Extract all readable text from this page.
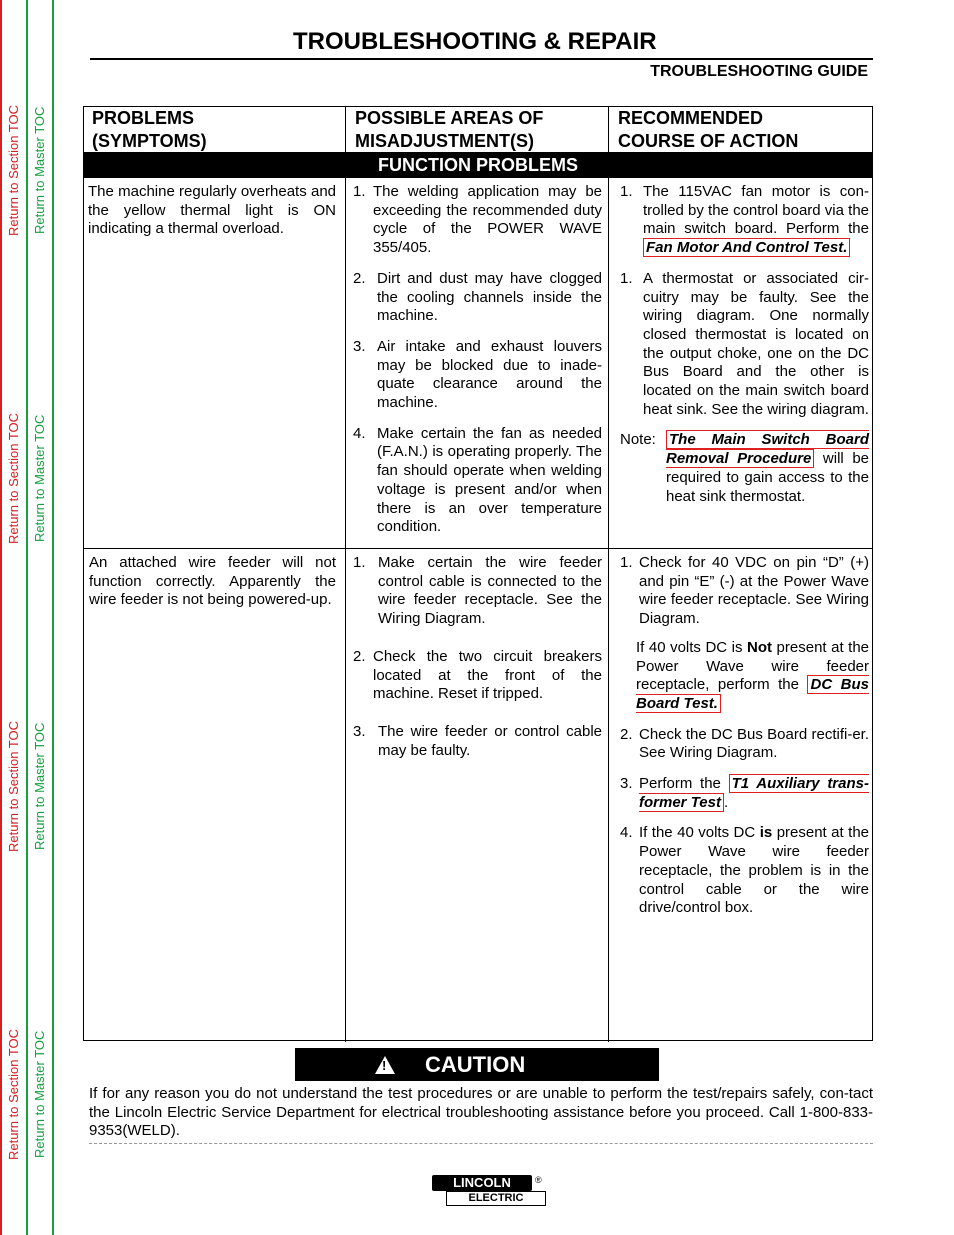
Return to Section TOC Return to Master TOC
Return to Section TOC Return to Master TOC
Return to Section TOC Return to Master TOC
Return to Section TOC Return to Master TOC
TROUBLESHOOTING & REPAIR
TROUBLESHOOTING GUIDE
PROBLEMS
(SYMPTOMS)
POSSIBLE AREAS OF
MISADJUSTMENT(S)
RECOMMENDED
COURSE OF ACTION
FUNCTION PROBLEMS
The machine regularly overheats and the yellow thermal light is ON indicating a thermal overload.
1. The welding application may be exceeding the recommended duty cycle of the POWER WAVE 355/405.
2. Dirt and dust may have clogged the cooling channels inside the machine.
3. Air intake and exhaust louvers may be blocked due to inade-quate clearance around the machine.
4. Make certain the fan as needed (F.A.N.) is operating properly. The fan should operate when welding voltage is present and/or when there is an over temperature condition.
1. The 115VAC fan motor is con-trolled by the control board via the main switch board. Perform the Fan Motor And Control Test.
1. A thermostat or associated cir-cuitry may be faulty. See the wiring diagram. One normally closed thermostat is located on the output choke, one on the DC Bus Board and the other is located on the main switch board heat sink. See the wiring diagram.
Note: The Main Switch Board Removal Procedure will be required to gain access to the heat sink thermostat.
An attached wire feeder will not function correctly. Apparently the wire feeder is not being powered-up.
1. Make certain the wire feeder control cable is connected to the wire feeder receptacle. See the Wiring Diagram.
2. Check the two circuit breakers located at the front of the machine. Reset if tripped.
3. The wire feeder or control cable may be faulty.
1. Check for 40 VDC on pin “D” (+) and pin “E” (-) at the Power Wave wire feeder receptacle. See Wiring Diagram.
If 40 volts DC is Not present at the Power Wave wire feeder receptacle, perform the DC Bus Board Test.
2. Check the DC Bus Board rectifi-er. See Wiring Diagram.
3. Perform the T1 Auxiliary trans-former Test .
4. If the 40 volts DC is present at the Power Wave wire feeder receptacle, the problem is in the control cable or the wire drive/control box.
! CAUTION
If for any reason you do not understand the test procedures or are unable to perform the test/repairs safely, con-tact the Lincoln Electric Service Department for electrical troubleshooting assistance before you proceed. Call 1-800-833-9353(WELD).
LINCOLN
ELECTRIC
®
